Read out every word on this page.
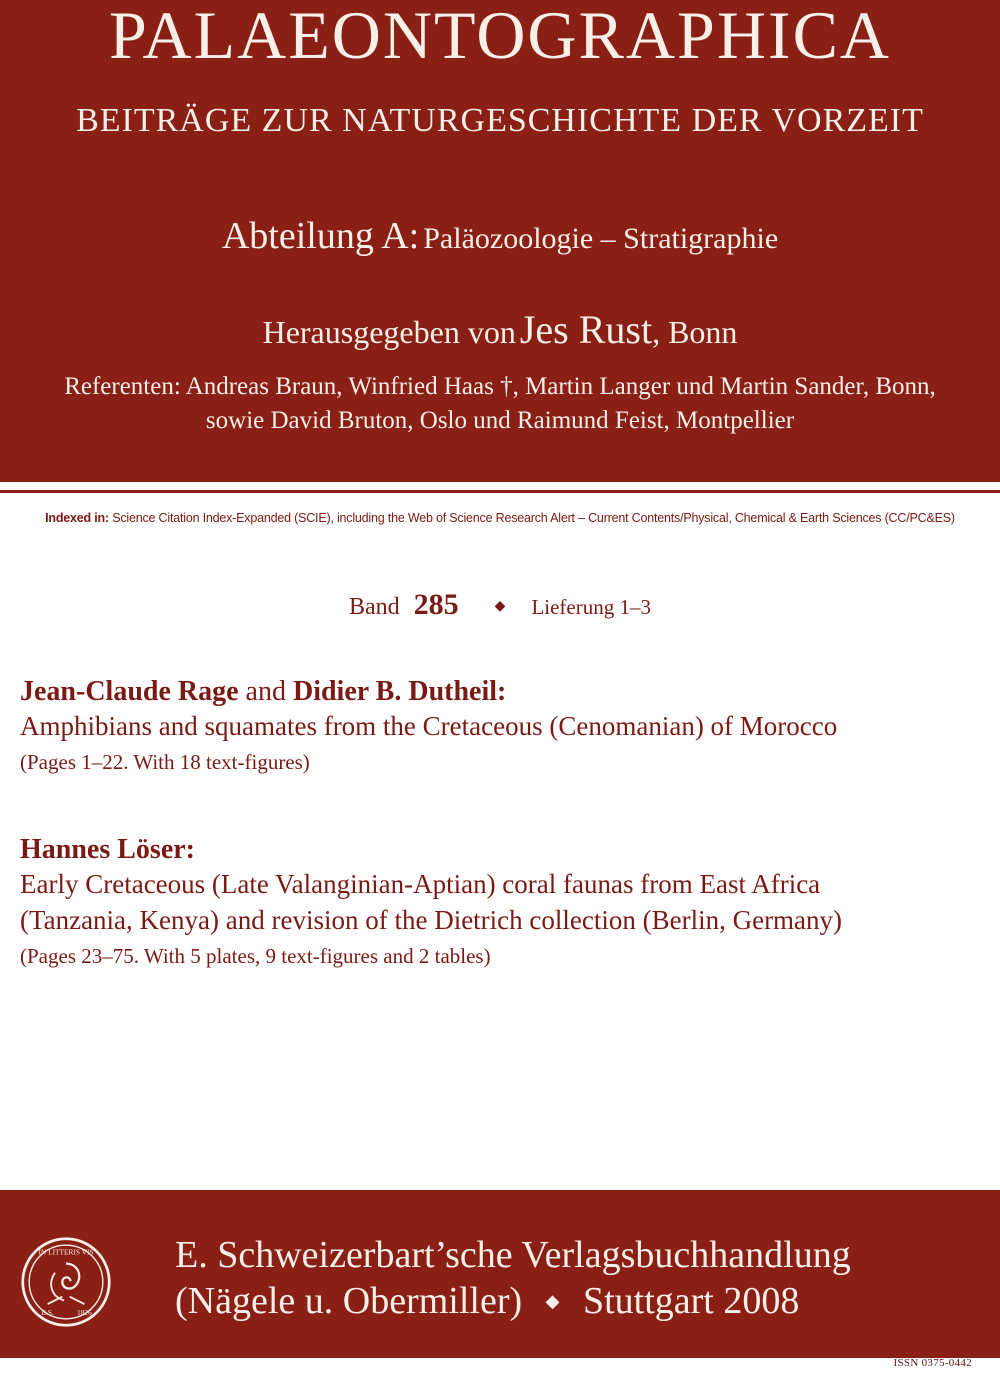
PALAEONTOGRAPHICA
BEITRÄGE ZUR NATURGESCHICHTE DER VORZEIT
Abteilung A: Paläozoologie – Stratigraphie
Herausgegeben von Jes Rust, Bonn
Referenten: Andreas Braun, Winfried Haas †, Martin Langer und Martin Sander, Bonn,
sowie David Bruton, Oslo und Raimund Feist, Montpellier
Indexed in: Science Citation Index-Expanded (SCIE), including the Web of Science Research Alert – Current Contents/Physical, Chemical & Earth Sciences (CC/PC&ES)
Band 285	◆ Lieferung 1–3
Jean-Claude Rage and Didier B. Dutheil:
Amphibians and squamates from the Cretaceous (Cenomanian) of Morocco
(Pages 1–22. With 18 text-figures)
Hannes Löser:
Early Cretaceous (Late Valanginian-Aptian) coral faunas from East Africa
(Tanzania, Kenya) and revision of the Dietrich collection (Berlin, Germany)
(Pages 23–75. With 5 plates, 9 text-figures and 2 tables)
IN LITTERIS VIS
E.S.	1826
E. Schweizerbart’sche Verlagsbuchhandlung
(Nägele u. Obermiller) ◆ Stuttgart 2008
ISSN 0375-0442
